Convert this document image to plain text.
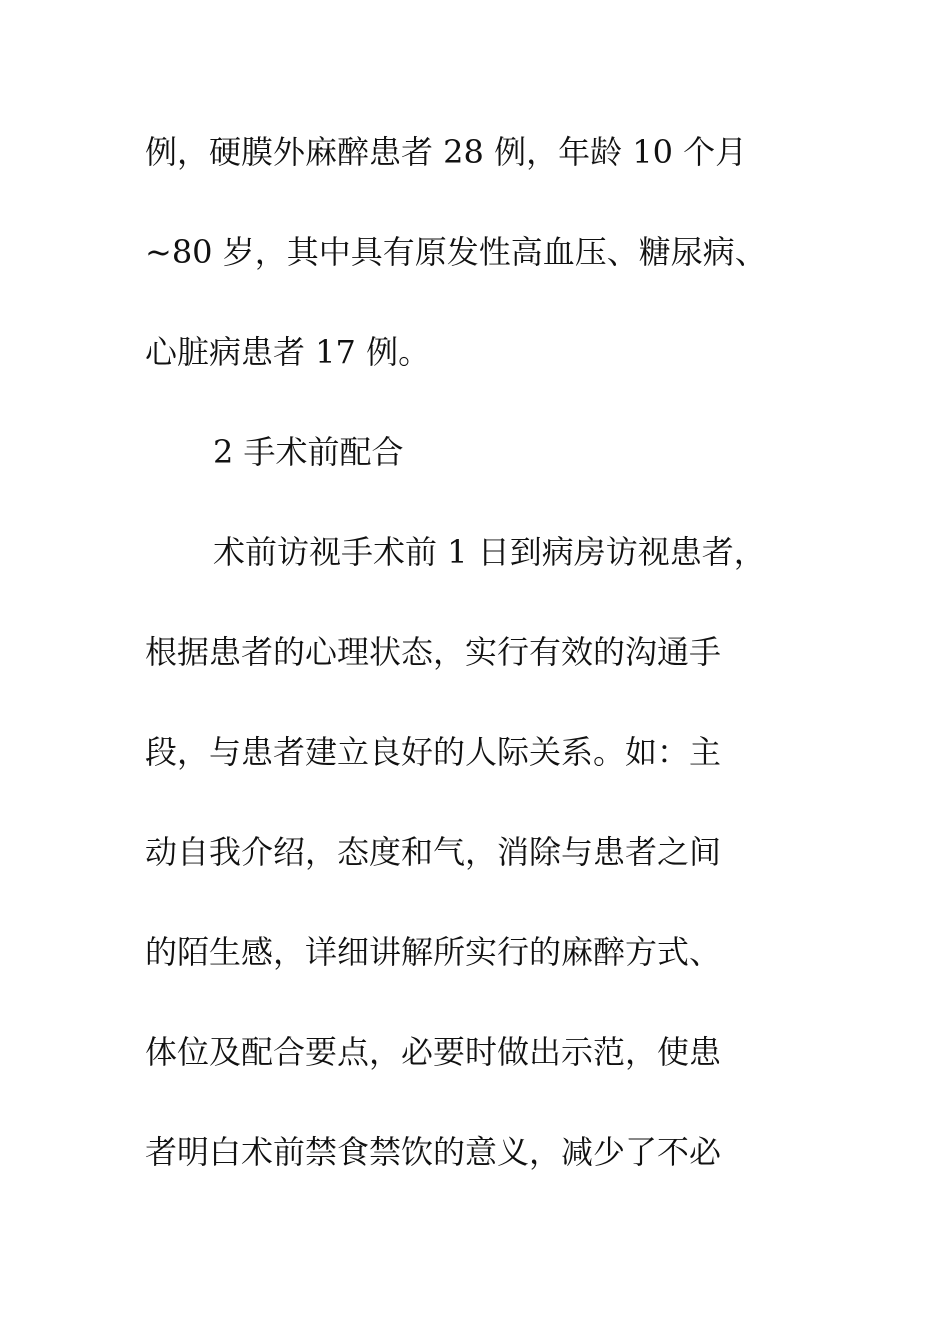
例，硬膜外麻醉患者 28 例，年龄 10 个月
~80 岁，其中具有原发性高血压、糖尿病、
心脏病患者 17 例。
2 手术前配合
术前访视手术前 1 日到病房访视患者，
根据患者的心理状态，实行有效的沟通手
段，与患者建立良好的人际关系。如：主
动自我介绍，态度和气，消除与患者之间
的陌生感，详细讲解所实行的麻醉方式、
体位及配合要点，必要时做出示范，使患
者明白术前禁食禁饮的意义，减少了不必
